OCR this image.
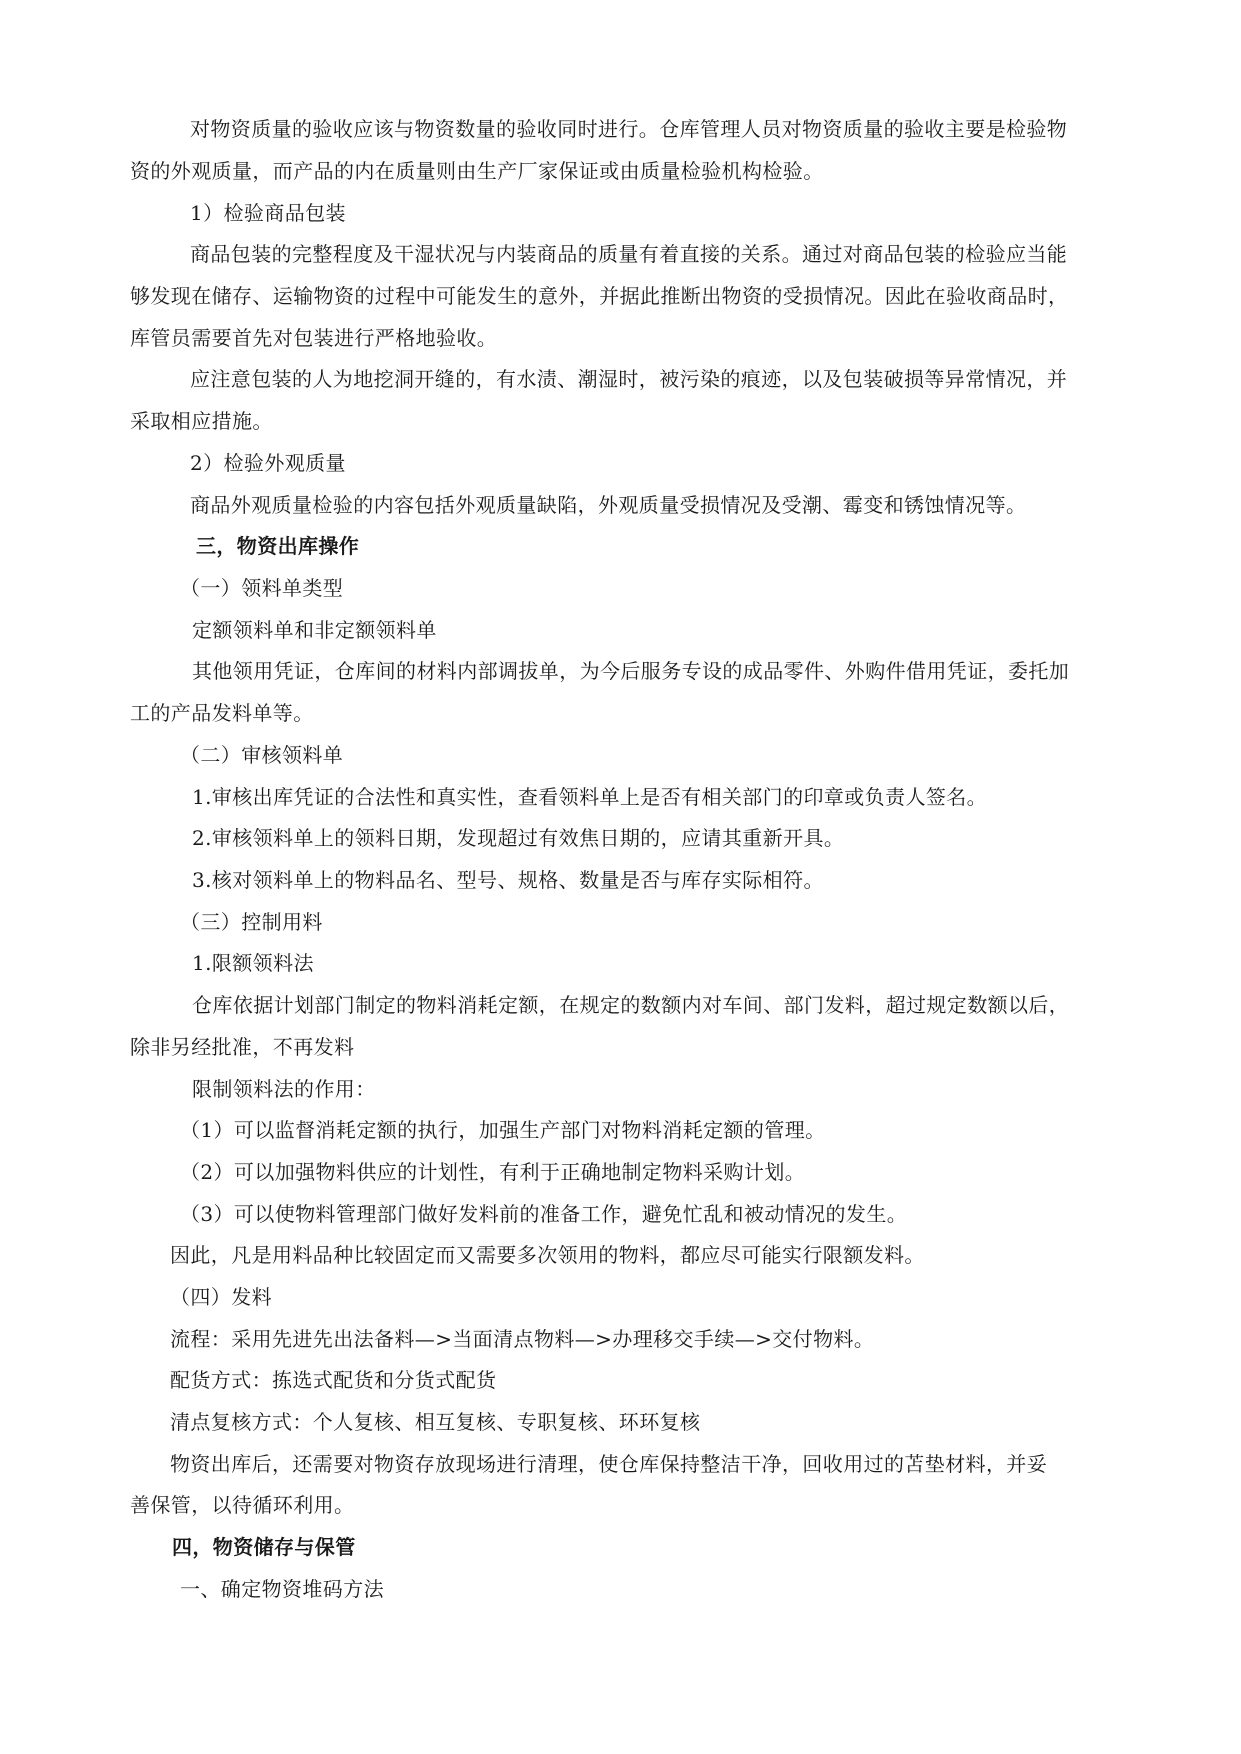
对物资质量的验收应该与物资数量的验收同时进行。仓库管理人员对物资质量的验收主要是检验物
资的外观质量，而产品的内在质量则由生产厂家保证或由质量检验机构检验。
1）检验商品包装
商品包装的完整程度及干湿状况与内装商品的质量有着直接的关系。通过对商品包装的检验应当能
够发现在储存、运输物资的过程中可能发生的意外，并据此推断出物资的受损情况。因此在验收商品时，
库管员需要首先对包装进行严格地验收。
应注意包装的人为地挖洞开缝的，有水渍、潮湿时，被污染的痕迹，以及包装破损等异常情况，并
采取相应措施。
2）检验外观质量
商品外观质量检验的内容包括外观质量缺陷，外观质量受损情况及受潮、霉变和锈蚀情况等。
三，物资出库操作
（一）领料单类型
定额领料单和非定额领料单
其他领用凭证，仓库间的材料内部调拔单，为今后服务专设的成品零件、外购件借用凭证，委托加
工的产品发料单等。
（二）审核领料单
1.审核出库凭证的合法性和真实性，查看领料单上是否有相关部门的印章或负责人签名。
2.审核领料单上的领料日期，发现超过有效焦日期的，应请其重新开具。
3.核对领料单上的物料品名、型号、规格、数量是否与库存实际相符。
（三）控制用料
1.限额领料法
仓库依据计划部门制定的物料消耗定额，在规定的数额内对车间、部门发料，超过规定数额以后，
除非另经批准，不再发料
限制领料法的作用：
（1）可以监督消耗定额的执行，加强生产部门对物料消耗定额的管理。
（2）可以加强物料供应的计划性，有利于正确地制定物料采购计划。
（3）可以使物料管理部门做好发料前的准备工作，避免忙乱和被动情况的发生。
因此，凡是用料品种比较固定而又需要多次领用的物料，都应尽可能实行限额发料。
（四）发料
流程：采用先进先出法备料—>当面清点物料—>办理移交手续—>交付物料。
配货方式：拣选式配货和分货式配货
清点复核方式：个人复核、相互复核、专职复核、环环复核
物资出库后，还需要对物资存放现场进行清理，使仓库保持整洁干净，回收用过的苫垫材料，并妥
善保管，以待循环利用。
四，物资储存与保管
一、确定物资堆码方法
